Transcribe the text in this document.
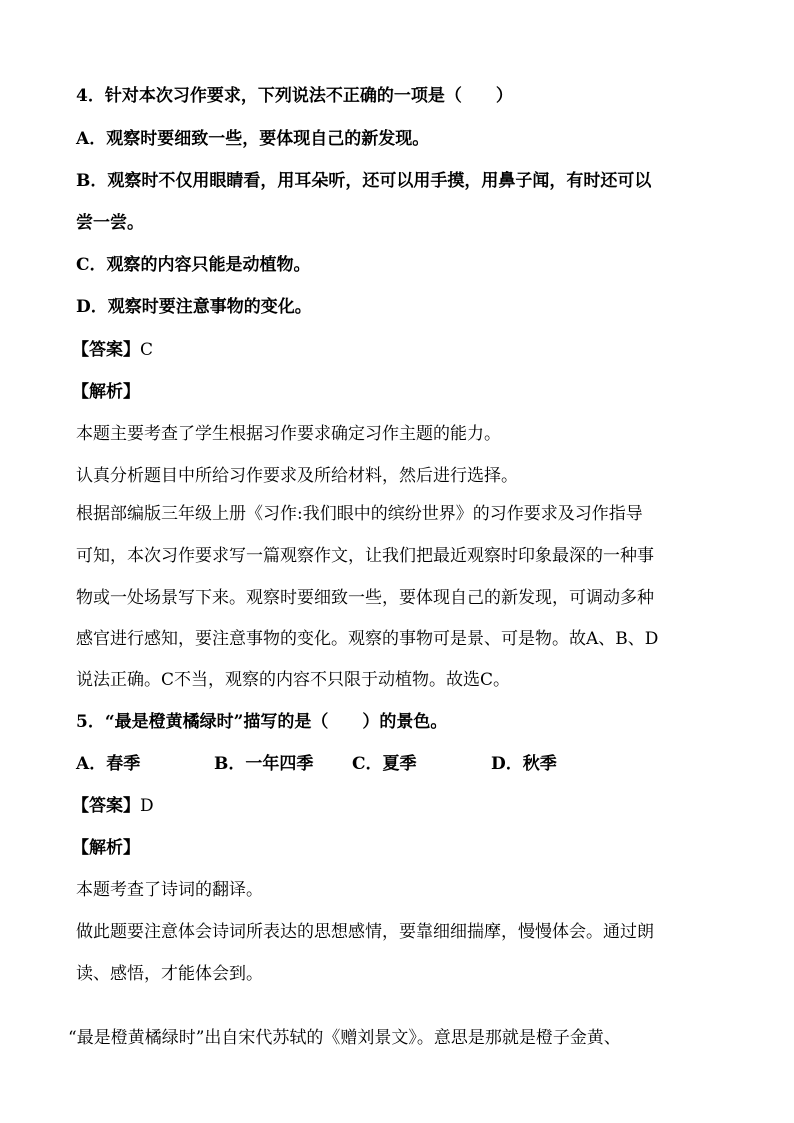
4．针对本次习作要求，下列说法不正确的一项是（　　）
A．观察时要细致一些，要体现自己的新发现。
B．观察时不仅用眼睛看，用耳朵听，还可以用手摸，用鼻子闻，有时还可以
尝一尝。
C．观察的内容只能是动植物。
D．观察时要注意事物的变化。
【答案】C
【解析】
本题主要考查了学生根据习作要求确定习作主题的能力。
认真分析题目中所给习作要求及所给材料，然后进行选择。
根据部编版三年级上册《习作:我们眼中的缤纷世界》的习作要求及习作指导
可知，本次习作要求写一篇观察作文，让我们把最近观察时印象最深的一种事
物或一处场景写下来。观察时要细致一些，要体现自己的新发现，可调动多种
感官进行感知，要注意事物的变化。观察的事物可是景、可是物。故A、B、D
说法正确。C不当，观察的内容不只限于动植物。故选C。
5．“最是橙黄橘绿时”描写的是（　　）的景色。
A．春季	B．一年四季 C．夏季	D．秋季
【答案】D
【解析】
本题考查了诗词的翻译。
做此题要注意体会诗词所表达的思想感情，要靠细细揣摩，慢慢体会。通过朗
读、感悟，才能体会到。
“最是橙黄橘绿时”出自宋代苏轼的《赠刘景文》。意思是那就是橙子金黄、
